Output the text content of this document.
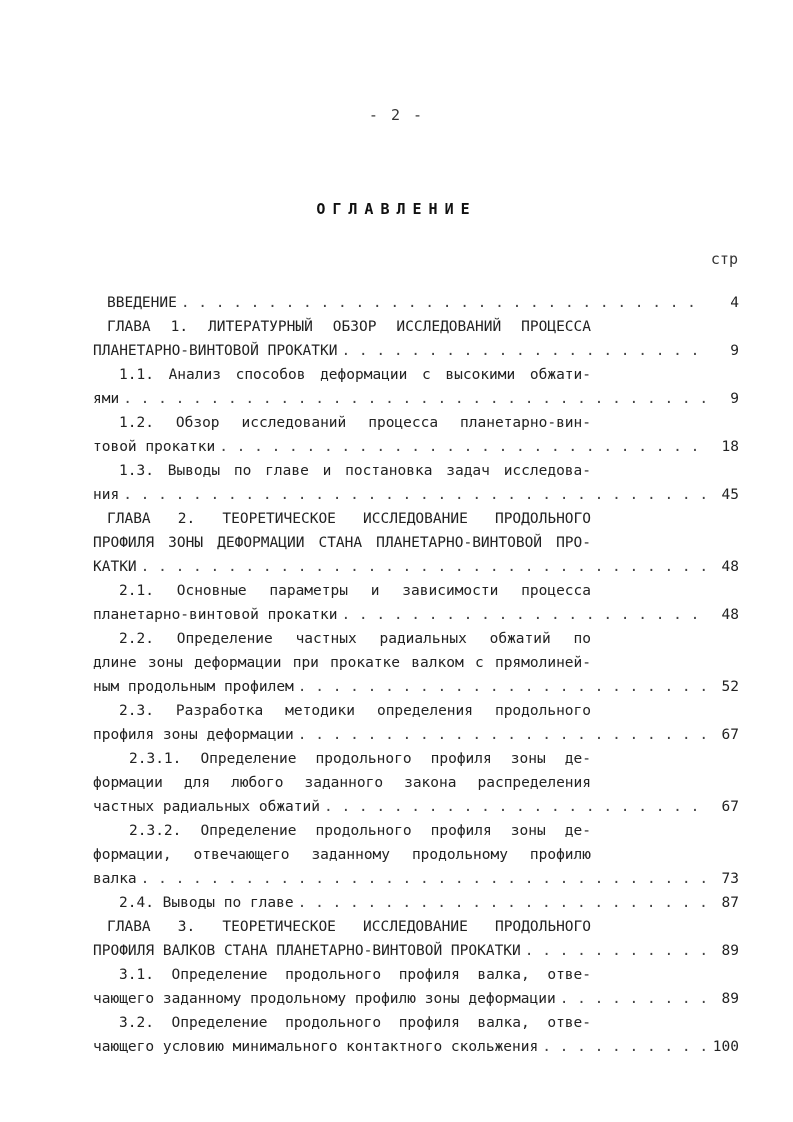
- 2 -
ОГЛАВЛЕНИЕ
стр
ВВЕДЕНИЕ . . .	4
ГЛАВА 1. ЛИТЕРАТУРНЫЙ ОБЗОР ИССЛЕДОВАНИЙ ПРОЦЕССА
ПЛАНЕТАРНО-ВИНТОВОЙ ПРОКАТКИ . . .	9
1.1. Анализ способов деформации с высокими обжати-
ями . . .	9
1.2. Обзор исследований процесса планетарно-вин-
товой прокатки . . .	18
1.3. Выводы по главе и постановка задач исследова-
ния . . .	45
ГЛАВА 2. ТЕОРЕТИЧЕСКОЕ ИССЛЕДОВАНИЕ ПРОДОЛЬНОГО
ПРОФИЛЯ ЗОНЫ ДЕФОРМАЦИИ СТАНА ПЛАНЕТАРНО-ВИНТОВОЙ ПРО-
КАТКИ . . .	48
2.1. Основные параметры и зависимости процесса
планетарно-винтовой прокатки . . .	48
2.2. Определение частных радиальных обжатий по
длине зоны деформации при прокатке валком с прямолиней-
ным продольным профилем . . .	52
2.3. Разработка методики определения продольного
профиля зоны деформации . . .	67
2.3.1. Определение продольного профиля зоны де-
формации для любого заданного закона распределения
частных радиальных обжатий . . .	67
2.3.2. Определение продольного профиля зоны де-
формации, отвечающего заданному продольному профилю
валка . . .	73
2.4. Выводы по главе . . .	87
ГЛАВА 3. ТЕОРЕТИЧЕСКОЕ ИССЛЕДОВАНИЕ ПРОДОЛЬНОГО
ПРОФИЛЯ ВАЛКОВ СТАНА ПЛАНЕТАРНО-ВИНТОВОЙ ПРОКАТКИ . . .	89
3.1. Определение продольного профиля валка, отве-
чающего заданному продольному профилю зоны деформации . . .	89
3.2. Определение продольного профиля валка, отве-
чающего условию минимального контактного скольжения . . .	100
